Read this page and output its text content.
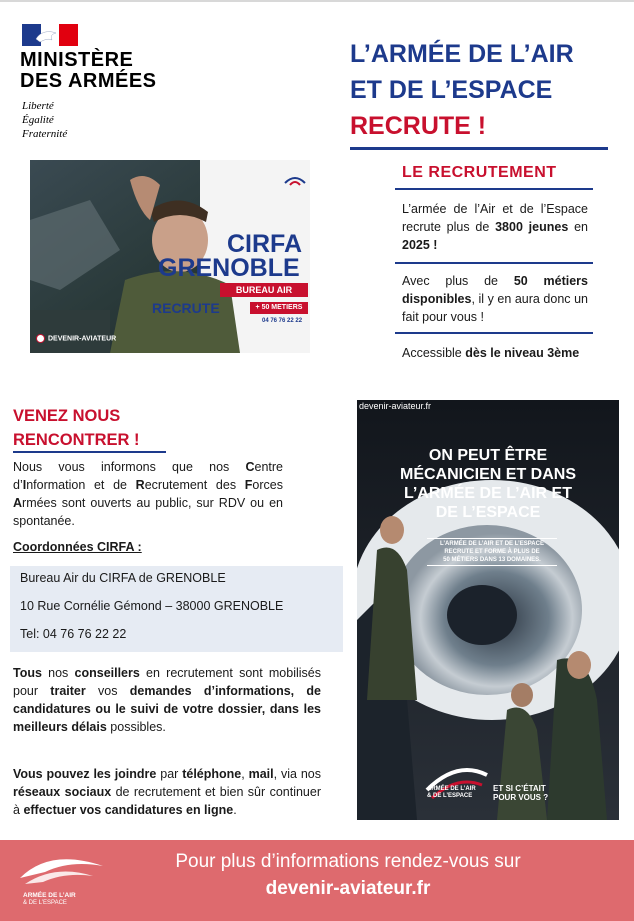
MINISTÈRE
DES ARMÉES
Liberté
Égalité
Fraternité
L’ARMÉE DE L’AIR
ET DE L’ESPACE
RECRUTE !
CIRFA
GRENOBLE
BUREAU AIR
RECRUTE	+ 50 METIERS
04 76 76 22 22
DEVENIR-AVIATEUR
LE RECRUTEMENT
L’armée de l’Air et de l’Espace recrute plus de 3800 jeunes en 2025 !
Avec plus de 50 métiers disponibles, il y en aura donc un fait pour vous !
Accessible dès le niveau 3ème
VENEZ NOUS
RENCONTRER !
Nous vous informons que nos Centre d’Information et de Recrutement des Forces Armées sont ouverts au public, sur RDV ou en spontanée.
Coordonnées CIRFA :
Bureau Air du CIRFA de GRENOBLE
10 Rue Cornélie Gémond – 38000 GRENOBLE
Tel: 04 76 76 22 22
Tous nos conseillers en recrutement sont mobilisés pour traiter vos demandes d’informations, de candidatures ou le suivi de votre dossier, dans les meilleurs délais possibles.
Vous pouvez les joindre par téléphone, mail, via nos réseaux sociaux de recrutement et bien sûr continuer à effectuer vos candidatures en ligne.
devenir-aviateur.fr
ON PEUT ÊTRE
MÉCANICIEN ET DANS
L’ARMÉE DE L’AIR ET
DE L’ESPACE
L’ARMÉE DE L’AIR ET DE L’ESPACE
RECRUTE ET FORME À PLUS DE
50 MÉTIERS DANS 13 DOMAINES.
ARMÉE DE L’AIR
& DE L’ESPACE
ET SI C’ÉTAIT
POUR VOUS ?
ARMÉE DE L’AIR
& DE L’ESPACE
Pour plus d’informations rendez-vous sur
devenir-aviateur.fr
